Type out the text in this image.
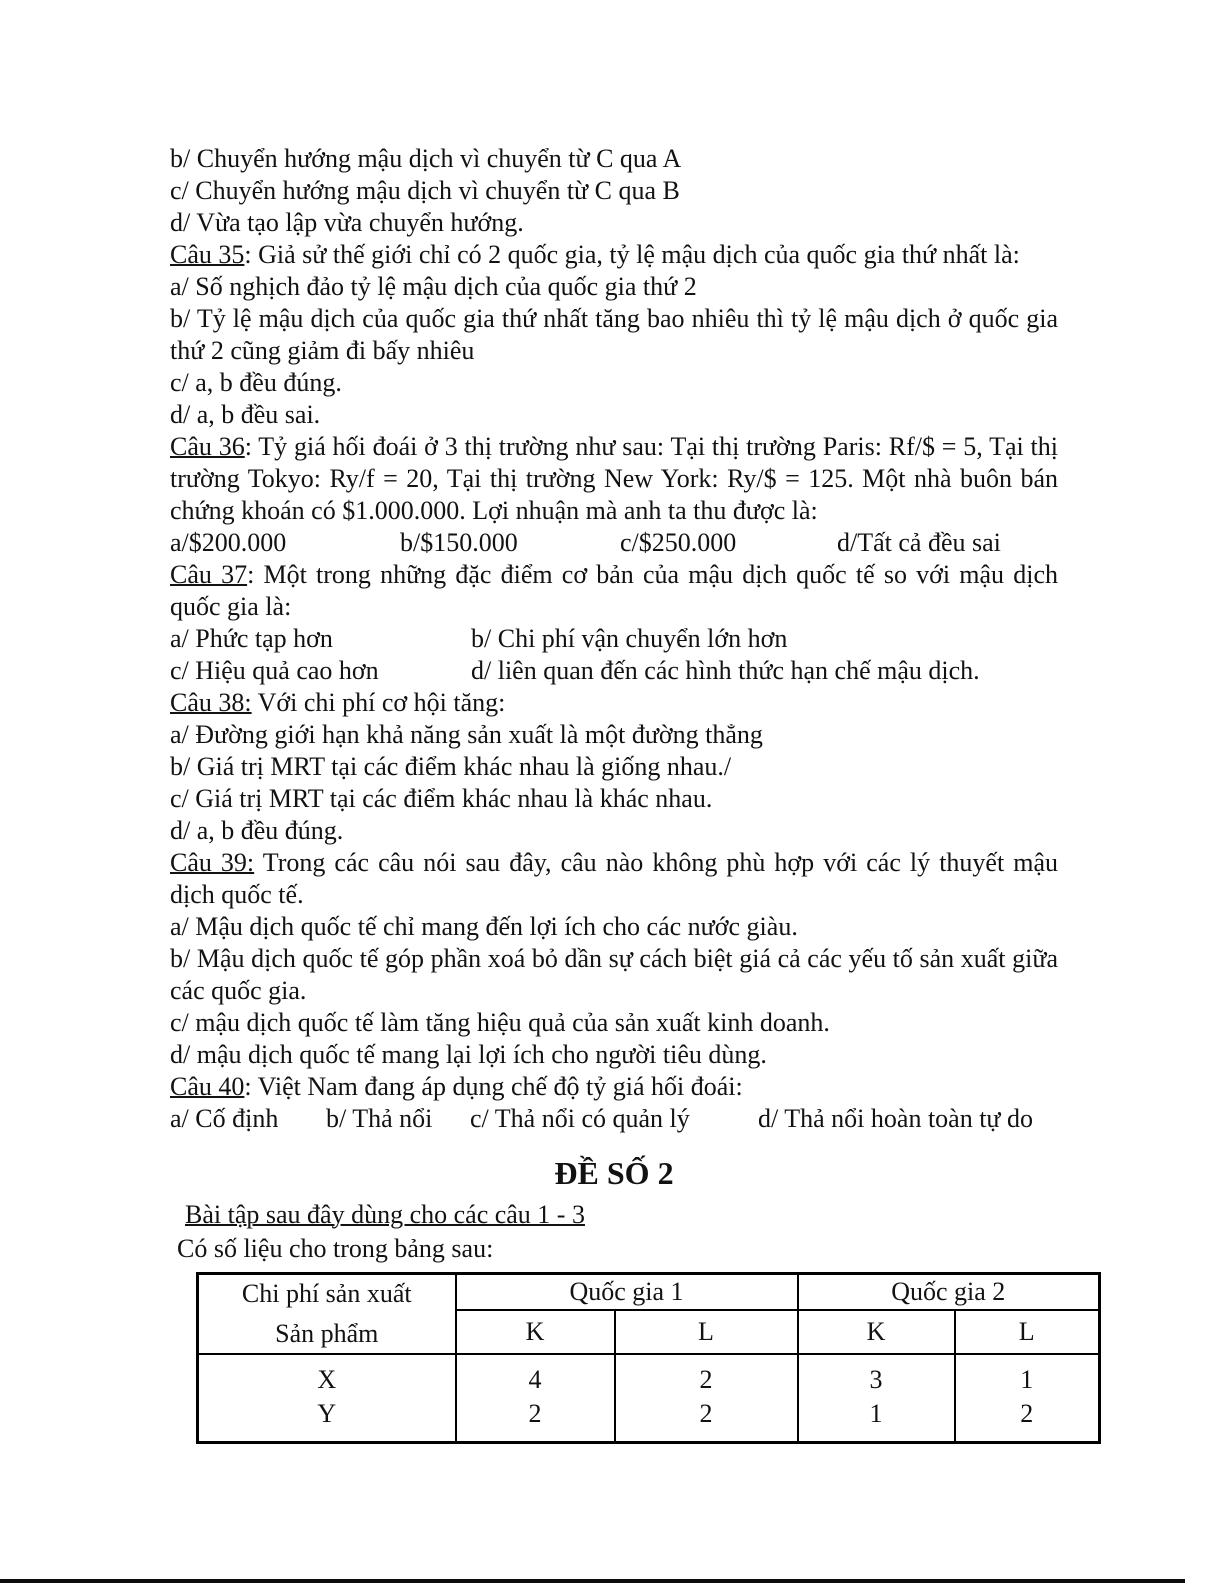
b/ Chuyển hướng mậu dịch vì chuyển từ C qua A

c/ Chuyển hướng mậu dịch vì chuyển từ C qua B

d/ Vừa tạo lập vừa chuyển hướng.

Câu 35: Giả sử thế giới chỉ có 2 quốc gia, tỷ lệ mậu dịch của quốc gia thứ nhất là:

a/ Số nghịch đảo tỷ lệ mậu dịch của quốc gia thứ 2

b/ Tỷ lệ mậu dịch của quốc gia thứ nhất tăng bao nhiêu thì tỷ lệ mậu dịch ở quốc gia thứ 2 cũng giảm đi bấy nhiêu

c/ a, b đều đúng.

d/ a, b đều sai.

Câu 36: Tỷ giá hối đoái ở 3 thị trường như sau: Tại thị trường Paris: Rf/$ = 5, Tại thị trường Tokyo: Ry/f = 20, Tại thị trường New York: Ry/$ = 125. Một nhà buôn bán chứng khoán có $1.000.000. Lợi nhuận mà anh ta thu được là:

a/$200.000	b/$150.000	c/$250.000	d/Tất cả đều sai

Câu 37: Một trong những đặc điểm cơ bản của mậu dịch quốc tế so với mậu dịch quốc gia là:

a/ Phức tạp hơn	b/ Chi phí vận chuyển lớn hơn
c/ Hiệu quả cao hơn	d/ liên quan đến các hình thức hạn chế mậu dịch.

Câu 38: Với chi phí cơ hội tăng:

a/ Đường giới hạn khả năng sản xuất là một đường thẳng

b/ Giá trị MRT tại các điểm khác nhau là giống nhau./

c/ Giá trị MRT tại các điểm khác nhau là khác nhau.

d/ a, b đều đúng.

Câu 39: Trong các câu nói sau đây, câu nào không phù hợp với các lý thuyết mậu dịch quốc tế.

a/ Mậu dịch quốc tế chỉ mang đến lợi ích cho các nước giàu.

b/ Mậu dịch quốc tế góp phần xoá bỏ dần sự cách biệt giá cả các yếu tố sản xuất giữa các quốc gia.

c/ mậu dịch quốc tế làm tăng hiệu quả của sản xuất kinh doanh.

d/ mậu dịch quốc tế mang lại lợi ích cho người tiêu dùng.

Câu 40: Việt Nam đang áp dụng chế độ tỷ giá hối đoái:

a/ Cố định	b/ Thả nổi	c/ Thả nổi có quản lý	d/ Thả nổi hoàn toàn tự do
ĐỀ SỐ 2
Bài tập sau đây dùng cho các câu 1 - 3
Có số liệu cho trong bảng sau:
Chi phí sản xuất
Sản phẩm	Quốc gia 1		Quốc gia 2	
	K	L	K	L
X	4	2	3	1
Y	2	2	1	2
